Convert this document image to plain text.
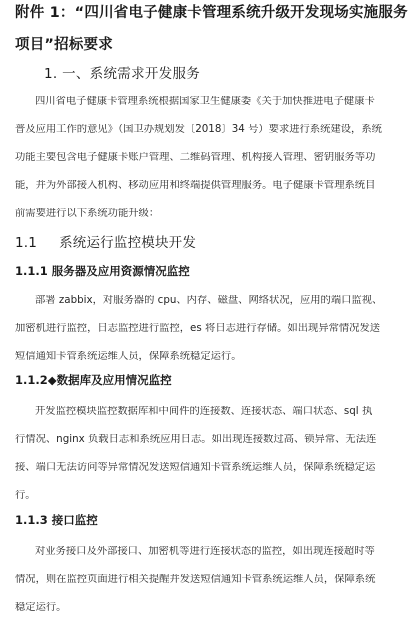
附件 1：“四川省电子健康卡管理系统升级开发现场实施服务
项目”招标要求
1. 一、系统需求开发服务
四川省电子健康卡管理系统根据国家卫生健康委《关于加快推进电子健康卡
普及应用工作的意见》（国卫办规划发〔2018〕34 号）要求进行系统建设，系统
功能主要包含电子健康卡账户管理、二维码管理、机构接入管理、密钥服务等功
能，并为外部接入机构、移动应用和终端提供管理服务。电子健康卡管理系统目
前需要进行以下系统功能升级：
1.1 系统运行监控模块开发
1.1.1 服务器及应用资源情况监控
部署 zabbix，对服务器的 cpu、内存、磁盘、网络状况，应用的端口监视、
加密机进行监控，日志监控进行监控，es 将日志进行存储。如出现异常情况发送
短信通知卡管系统运维人员，保障系统稳定运行。
1.1.2◆数据库及应用情况监控
开发监控模块监控数据库和中间件的连接数、连接状态、端口状态、sql 执
行情况、nginx 负载日志和系统应用日志。如出现连接数过高、锁异常、无法连
接、端口无法访问等异常情况发送短信通知卡管系统运维人员，保障系统稳定运
行。
1.1.3 接口监控
对业务接口及外部接口、加密机等进行连接状态的监控，如出现连接超时等
情况，则在监控页面进行相关提醒并发送短信通知卡管系统运维人员，保障系统
稳定运行。
